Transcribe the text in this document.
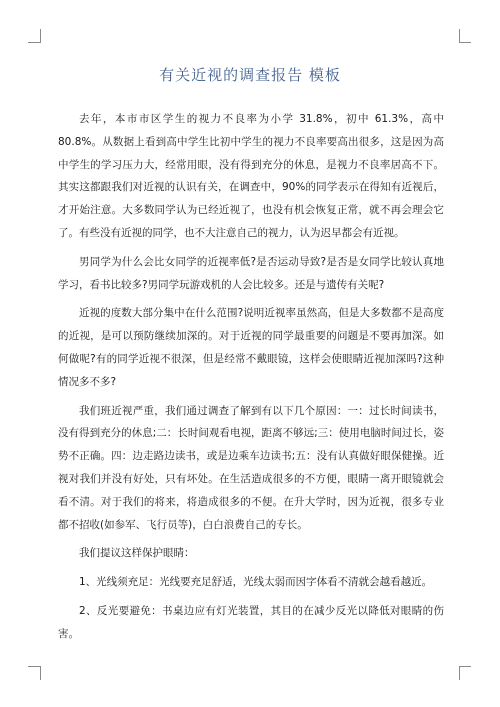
有关近视的调查报告 模板

去年，本市市区学生的视力不良率为小学 31.8%，初中 61.3%，高中 80.8%。从数据上看到高中学生比初中学生的视力不良率要高出很多，这是因为高中学生的学习压力大，经常用眼，没有得到充分的休息，是视力不良率居高不下。其实这都跟我们对近视的认识有关，在调查中，90%的同学表示在得知有近视后，才开始注意。大多数同学认为已经近视了，也没有机会恢复正常，就不再会理会它了。有些没有近视的同学，也不大注意自己的视力，认为迟早都会有近视。

男同学为什么会比女同学的近视率低?是否运动导致?是否是女同学比较认真地学习，看书比较多?男同学玩游戏机的人会比较多。还是与遗传有关呢?

近视的度数大部分集中在什么范围?说明近视率虽然高，但是大多数都不是高度的近视，是可以预防继续加深的。对于近视的同学最重要的问题是不要再加深。如何做呢?有的同学近视不很深，但是经常不戴眼镜，这样会使眼睛近视加深吗?这种情况多不多?

我们班近视严重，我们通过调查了解到有以下几个原因：一：过长时间读书，没有得到充分的休息;二：长时间观看电视，距离不够远;三：使用电脑时间过长，姿势不正确。四：边走路边读书，或是边乘车边读书;五：没有认真做好眼保健操。近视对我们并没有好处，只有坏处。在生活造成很多的不方便，眼睛一离开眼镜就会看不清。对于我们的将来，将造成很多的不便。在升大学时，因为近视，很多专业都不招收(如参军、飞行员等)，白白浪费自己的专长。

我们提议这样保护眼睛：

1、光线须充足：光线要充足舒适，光线太弱而因字体看不清就会越看越近。

2、反光要避免：书桌边应有灯光装置，其目的在减少反光以降低对眼睛的伤害。
